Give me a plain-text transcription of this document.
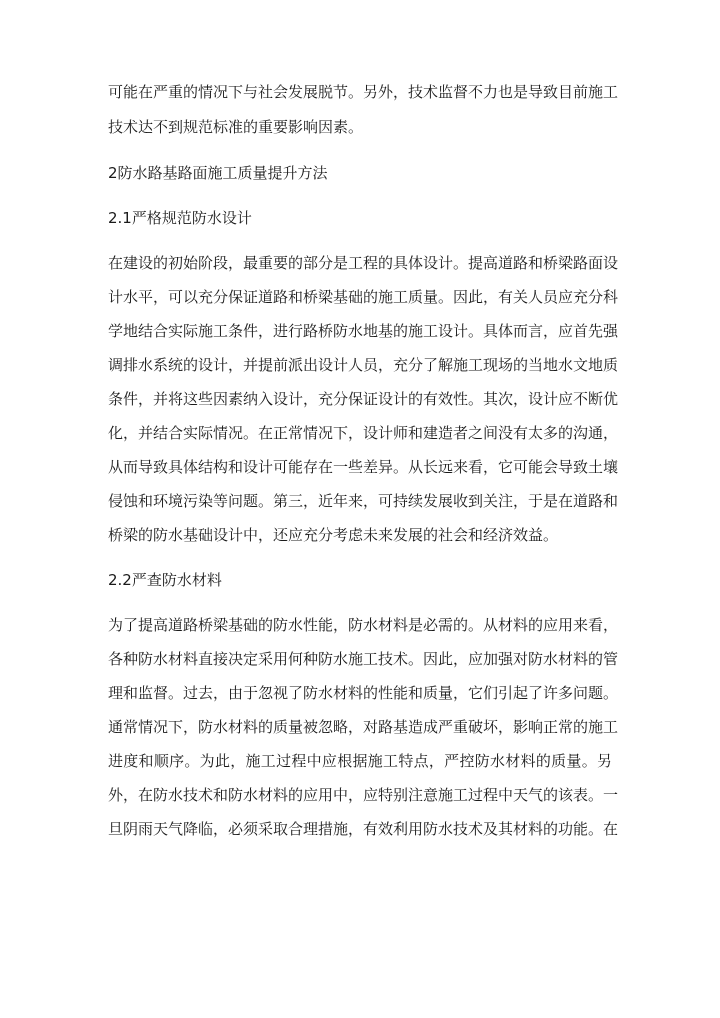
可能在严重的情况下与社会发展脱节。另外，技术监督不力也是导致目前施工
技术达不到规范标准的重要影响因素。
2防水路基路面施工质量提升方法
2.1严格规范防水设计
在建设的初始阶段，最重要的部分是工程的具体设计。提高道路和桥梁路面设
计水平，可以充分保证道路和桥梁基础的施工质量。因此，有关人员应充分科
学地结合实际施工条件，进行路桥防水地基的施工设计。具体而言，应首先强
调排水系统的设计，并提前派出设计人员，充分了解施工现场的当地水文地质
条件，并将这些因素纳入设计，充分保证设计的有效性。其次，设计应不断优
化，并结合实际情况。在正常情况下，设计师和建造者之间没有太多的沟通，
从而导致具体结构和设计可能存在一些差异。从长远来看，它可能会导致土壤
侵蚀和环境污染等问题。第三，近年来，可持续发展收到关注，于是在道路和
桥梁的防水基础设计中，还应充分考虑未来发展的社会和经济效益。
2.2严查防水材料
为了提高道路桥梁基础的防水性能，防水材料是必需的。从材料的应用来看，
各种防水材料直接决定采用何种防水施工技术。因此，应加强对防水材料的管
理和监督。过去，由于忽视了防水材料的性能和质量，它们引起了许多问题。
通常情况下，防水材料的质量被忽略，对路基造成严重破坏，影响正常的施工
进度和顺序。为此，施工过程中应根据施工特点，严控防水材料的质量。另
外，在防水技术和防水材料的应用中，应特别注意施工过程中天气的该表。一
旦阴雨天气降临，必须采取合理措施，有效利用防水技术及其材料的功能。在
